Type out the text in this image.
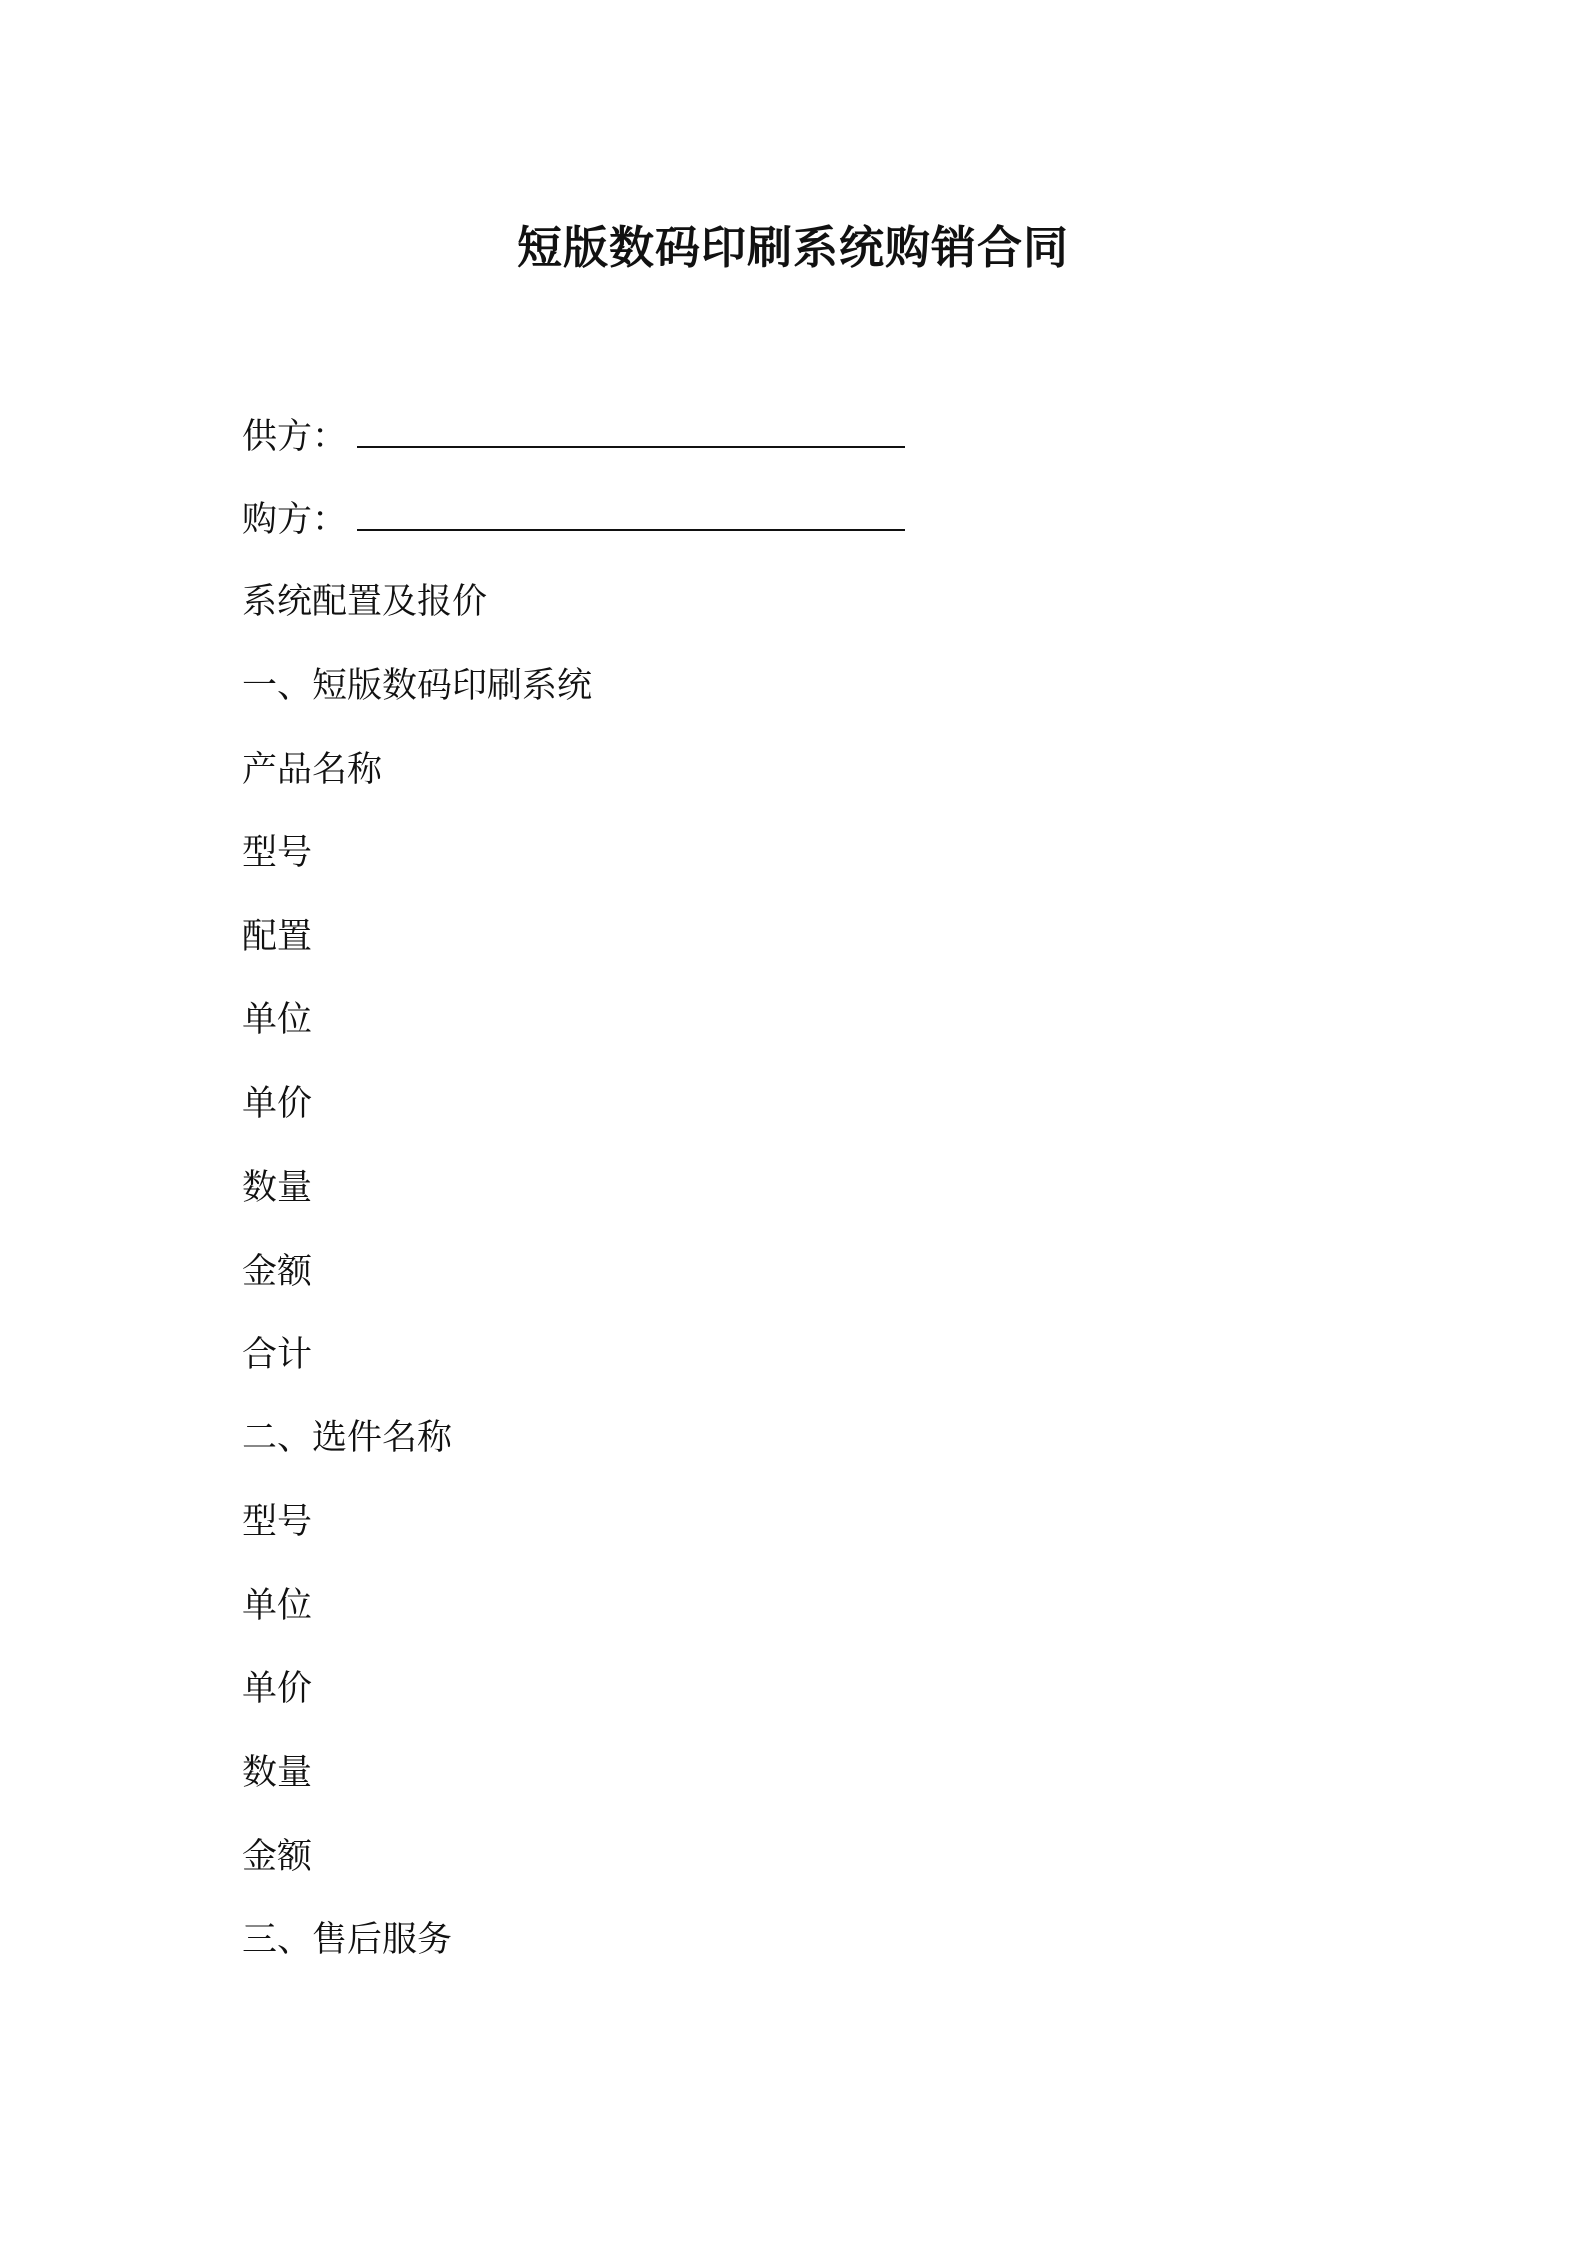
短版数码印刷系统购销合同
供方：
购方：
系统配置及报价
一、短版数码印刷系统
产品名称
型号
配置
单位
单价
数量
金额
合计
二、选件名称
型号
单位
单价
数量
金额
三、售后服务
